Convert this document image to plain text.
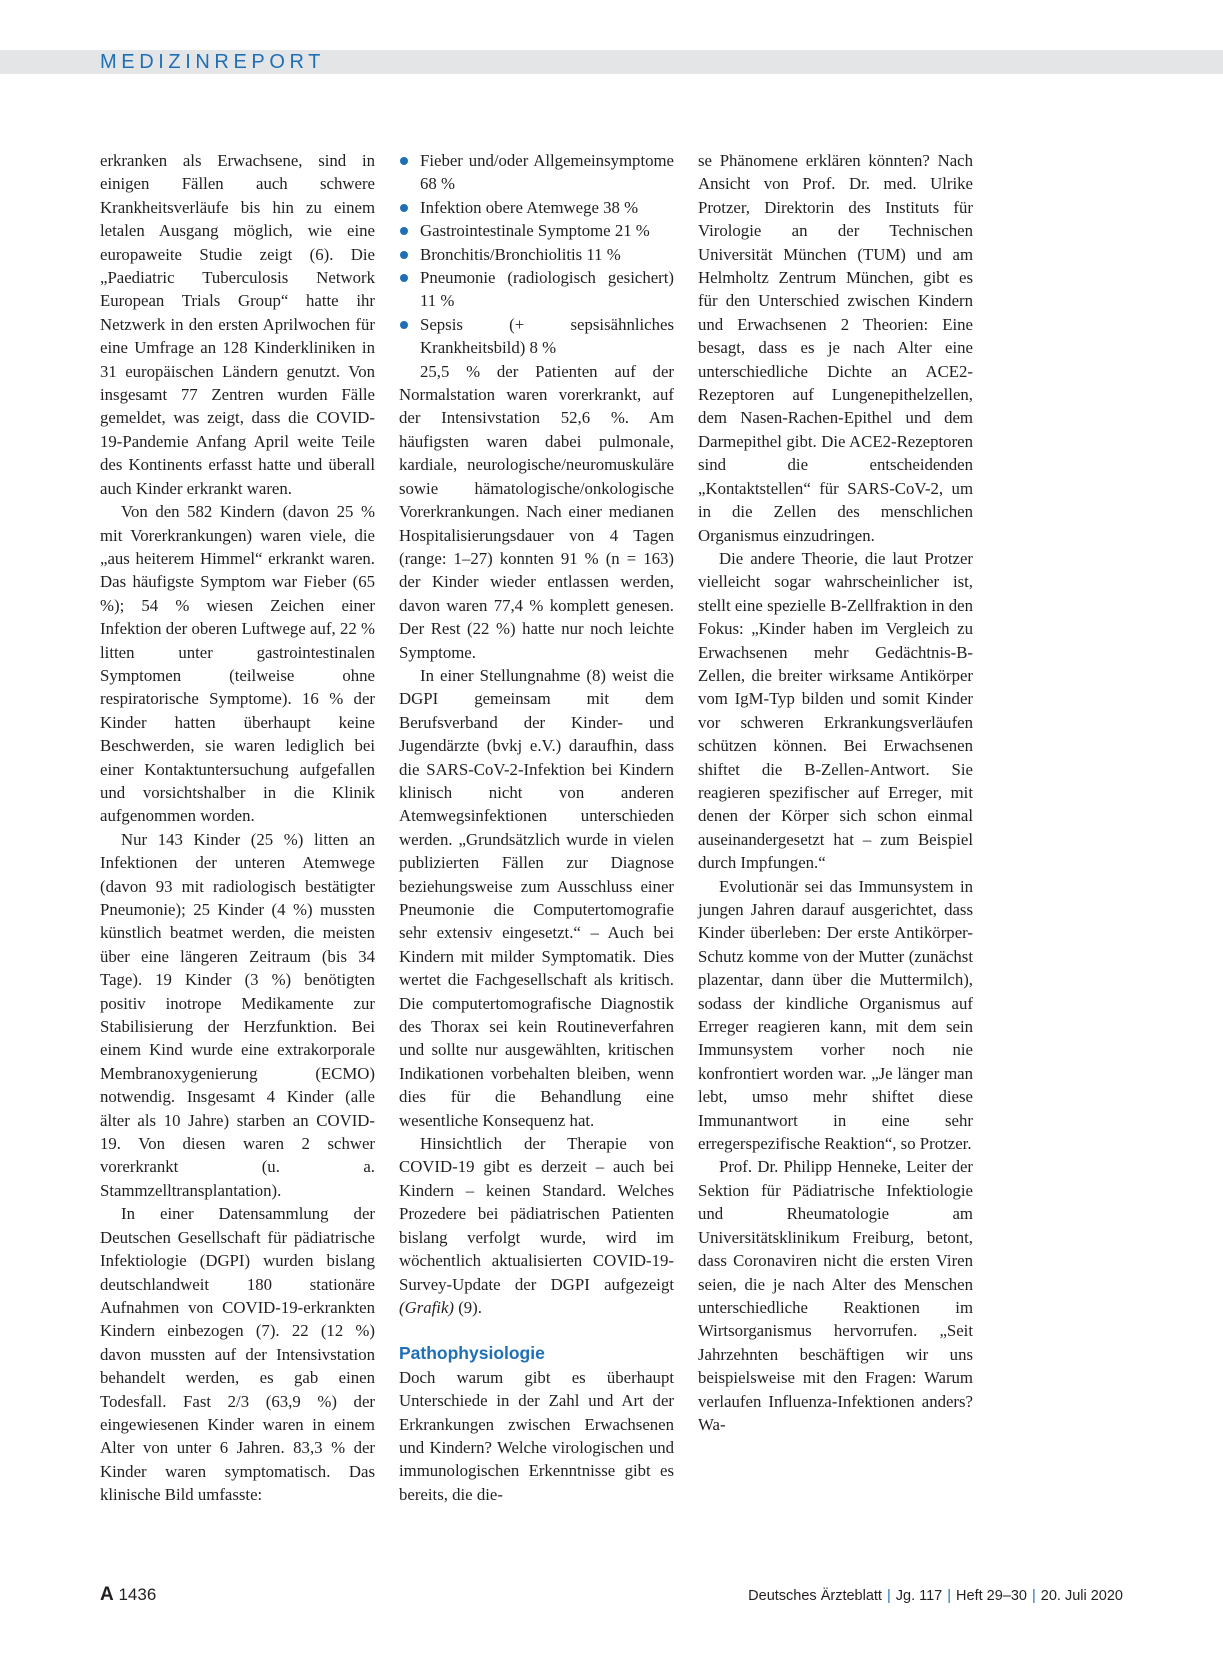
MEDIZINREPORT

erkranken als Erwachsene, sind in einigen Fällen auch schwere Krankheitsverläufe bis hin zu einem letalen Ausgang möglich, wie eine europaweite Studie zeigt (6). Die „Paediatric Tuberculosis Network European Trials Group“ hatte ihr Netzwerk in den ersten Aprilwochen für eine Umfrage an 128 Kinderkliniken in 31 europäischen Ländern genutzt. Von insgesamt 77 Zentren wurden Fälle gemeldet, was zeigt, dass die COVID-19-Pandemie Anfang April weite Teile des Kontinents erfasst hatte und überall auch Kinder erkrankt waren.

Von den 582 Kindern (davon 25 % mit Vorerkrankungen) waren viele, die „aus heiterem Himmel“ erkrankt waren. Das häufigste Symptom war Fieber (65 %); 54 % wiesen Zeichen einer Infektion der oberen Luftwege auf, 22 % litten unter gastrointestinalen Symptomen (teilweise ohne respiratorische Symptome). 16 % der Kinder hatten überhaupt keine Beschwerden, sie waren lediglich bei einer Kontaktuntersuchung aufgefallen und vorsichtshalber in die Klinik aufgenommen worden.

Nur 143 Kinder (25 %) litten an Infektionen der unteren Atemwege (davon 93 mit radiologisch bestätigter Pneumonie); 25 Kinder (4 %) mussten künstlich beatmet werden, die meisten über eine längeren Zeitraum (bis 34 Tage). 19 Kinder (3 %) benötigten positiv inotrope Medikamente zur Stabilisierung der Herzfunktion. Bei einem Kind wurde eine extrakorporale Membranoxygenierung (ECMO) notwendig. Insgesamt 4 Kinder (alle älter als 10 Jahre) starben an COVID-19. Von diesen waren 2 schwer vorerkrankt (u. a. Stammzelltransplantation).

In einer Datensammlung der Deutschen Gesellschaft für pädiatrische Infektiologie (DGPI) wurden bislang deutschlandweit 180 stationäre Aufnahmen von COVID-19-erkrankten Kindern einbezogen (7). 22 (12 %) davon mussten auf der Intensivstation behandelt werden, es gab einen Todesfall. Fast 2/3 (63,9 %) der eingewiesenen Kinder waren in einem Alter von unter 6 Jahren. 83,3 % der Kinder waren symptomatisch. Das klinische Bild umfasste:

Fieber und/oder Allgemeinsymptome 68 %
Infektion obere Atemwege 38 %
Gastrointestinale Symptome 21 %
Bronchitis/Bronchiolitis 11 %
Pneumonie (radiologisch gesichert) 11 %
Sepsis (+ sepsisähnliches Krankheitsbild) 8 %

25,5 % der Patienten auf der Normalstation waren vorerkrankt, auf der Intensivstation 52,6 %. Am häufigsten waren dabei pulmonale, kardiale, neurologische/neuromuskuläre sowie hämatologische/onkologische Vorerkrankungen. Nach einer medianen Hospitalisierungsdauer von 4 Tagen (range: 1–27) konnten 91 % (n = 163) der Kinder wieder entlassen werden, davon waren 77,4 % komplett genesen. Der Rest (22 %) hatte nur noch leichte Symptome.

In einer Stellungnahme (8) weist die DGPI gemeinsam mit dem Berufsverband der Kinder- und Jugendärzte (bvkj e.V.) daraufhin, dass die SARS-CoV-2-Infektion bei Kindern klinisch nicht von anderen Atemwegsinfektionen unterschieden werden. „Grundsätzlich wurde in vielen publizierten Fällen zur Diagnose beziehungsweise zum Ausschluss einer Pneumonie die Computertomografie sehr extensiv eingesetzt.“ – Auch bei Kindern mit milder Symptomatik. Dies wertet die Fachgesellschaft als kritisch. Die computertomografische Diagnostik des Thorax sei kein Routineverfahren und sollte nur ausgewählten, kritischen Indikationen vorbehalten bleiben, wenn dies für die Behandlung eine wesentliche Konsequenz hat.

Hinsichtlich der Therapie von COVID-19 gibt es derzeit – auch bei Kindern – keinen Standard. Welches Prozedere bei pädiatrischen Patienten bislang verfolgt wurde, wird im wöchentlich aktualisierten COVID-19-Survey-Update der DGPI aufgezeigt (Grafik) (9).

Pathophysiologie

Doch warum gibt es überhaupt Unterschiede in der Zahl und Art der Erkrankungen zwischen Erwachsenen und Kindern? Welche virologischen und immunologischen Erkenntnisse gibt es bereits, die die-

se Phänomene erklären könnten? Nach Ansicht von Prof. Dr. med. Ulrike Protzer, Direktorin des Instituts für Virologie an der Technischen Universität München (TUM) und am Helmholtz Zentrum München, gibt es für den Unterschied zwischen Kindern und Erwachsenen 2 Theorien: Eine besagt, dass es je nach Alter eine unterschiedliche Dichte an ACE2-Rezeptoren auf Lungenepithelzellen, dem Nasen-Rachen-Epithel und dem Darmepithel gibt. Die ACE2-Rezeptoren sind die entscheidenden „Kontaktstellen“ für SARS-CoV-2, um in die Zellen des menschlichen Organismus einzudringen.

Die andere Theorie, die laut Protzer vielleicht sogar wahrscheinlicher ist, stellt eine spezielle B-Zellfraktion in den Fokus: „Kinder haben im Vergleich zu Erwachsenen mehr Gedächtnis-B-Zellen, die breiter wirksame Antikörper vom IgM-Typ bilden und somit Kinder vor schweren Erkrankungsverläufen schützen können. Bei Erwachsenen shiftet die B-Zellen-Antwort. Sie reagieren spezifischer auf Erreger, mit denen der Körper sich schon einmal auseinandergesetzt hat – zum Beispiel durch Impfungen.“

Evolutionär sei das Immunsystem in jungen Jahren darauf ausgerichtet, dass Kinder überleben: Der erste Antikörper-Schutz komme von der Mutter (zunächst plazentar, dann über die Muttermilch), sodass der kindliche Organismus auf Erreger reagieren kann, mit dem sein Immunsystem vorher noch nie konfrontiert worden war. „Je länger man lebt, umso mehr shiftet diese Immunantwort in eine sehr erregerspezifische Reaktion“, so Protzer.

Prof. Dr. Philipp Henneke, Leiter der Sektion für Pädiatrische Infektiologie und Rheumatologie am Universitätsklinikum Freiburg, betont, dass Coronaviren nicht die ersten Viren seien, die je nach Alter des Menschen unterschiedliche Reaktionen im Wirtsorganismus hervorrufen. „Seit Jahrzehnten beschäftigen wir uns beispielsweise mit den Fragen: Warum verlaufen Influenza-Infektionen anders? Wa-

A 1436	Deutsches Ärzteblatt | Jg. 117 | Heft 29–30 | 20. Juli 2020
